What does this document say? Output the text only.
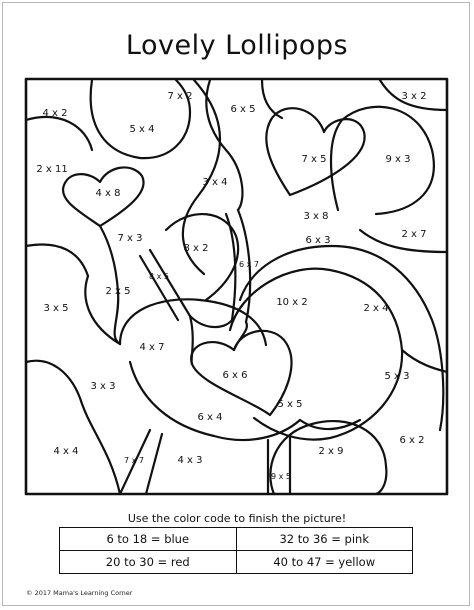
Lovely Lollipops
4 x 2
7 x 2
6 x 5
3 x 2
5 x 4
7 x 5	9 x 3
2 x 11
3 x 4
4 x 8
3 x 8
2 x 7
7 x 3	6 x 3
8 x 2
6 x 7
8 x 5
2 x 5
10 x 2
2 x 4
3 x 5
4 x 7
6 x 6	5 x 3
3 x 3
5 x 5
6 x 4
6 x 2
4 x 4	2 x 9
7 x 7	4 x 3
9 x 5
Use the color code to finish the picture!
6 to 18 = blue	32 to 36 = pink
20 to 30 = red	40 to 47 = yellow
© 2017 Mama's Learning Corner
